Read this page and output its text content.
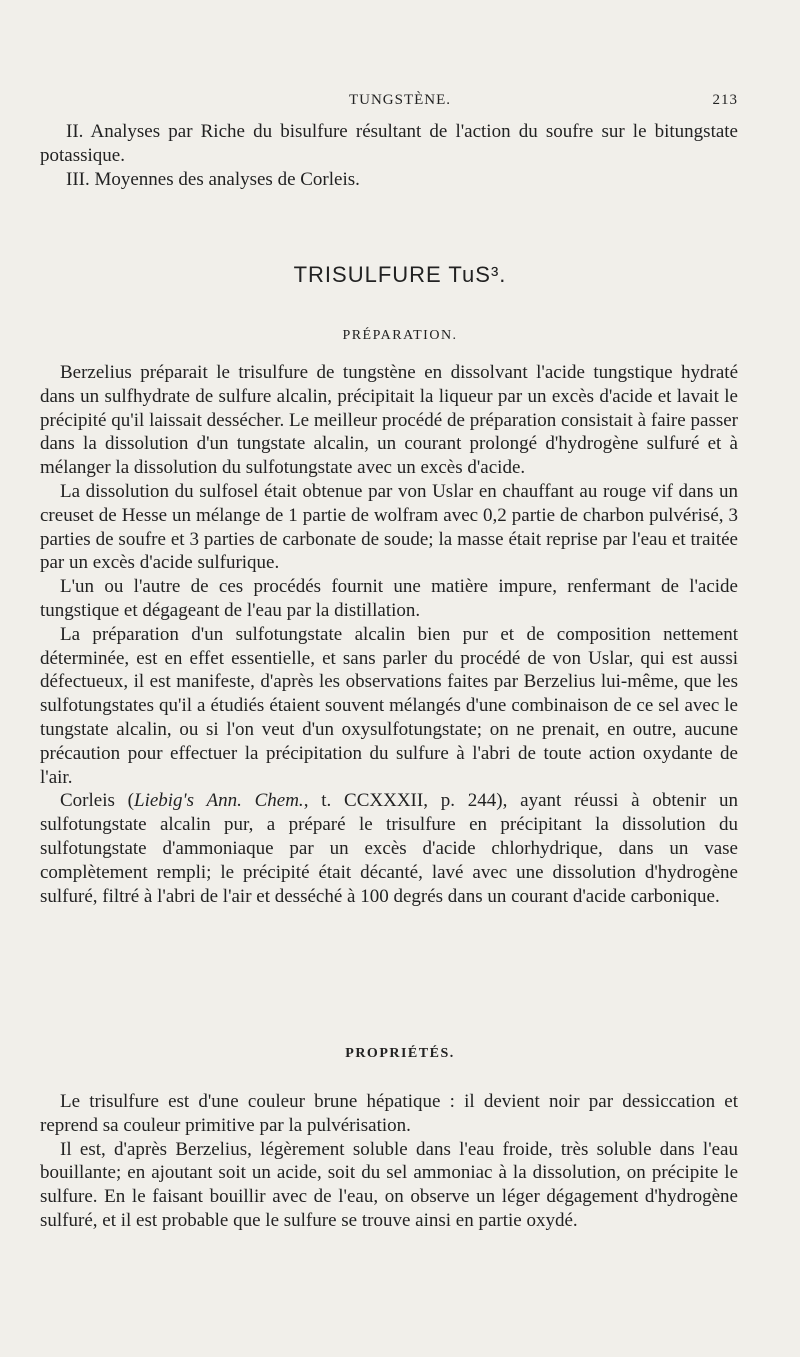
TUNGSTÈNE.	213

II. Analyses par Riche du bisulfure résultant de l'action du soufre sur le bitungstate potassique.

III. Moyennes des analyses de Corleis.

TRISULFURE TuS³.
PRÉPARATION.

Berzelius préparait le trisulfure de tungstène en dissolvant l'acide tungstique hydraté dans un sulfhydrate de sulfure alcalin, précipitait la liqueur par un excès d'acide et lavait le précipité qu'il laissait dessécher. Le meilleur procédé de préparation consistait à faire passer dans la dissolution d'un tungstate alcalin, un courant prolongé d'hydrogène sulfuré et à mélanger la dissolution du sulfotungstate avec un excès d'acide.

La dissolution du sulfosel était obtenue par von Uslar en chauffant au rouge vif dans un creuset de Hesse un mélange de 1 partie de wolfram avec 0,2 partie de charbon pulvérisé, 3 parties de soufre et 3 parties de carbonate de soude; la masse était reprise par l'eau et traitée par un excès d'acide sulfurique.

L'un ou l'autre de ces procédés fournit une matière impure, renfermant de l'acide tungstique et dégageant de l'eau par la distillation.

La préparation d'un sulfotungstate alcalin bien pur et de composition nettement déterminée, est en effet essentielle, et sans parler du procédé de von Uslar, qui est aussi défectueux, il est manifeste, d'après les observations faites par Berzelius lui-même, que les sulfotungstates qu'il a étudiés étaient souvent mélangés d'une combinaison de ce sel avec le tungstate alcalin, ou si l'on veut d'un oxysulfotungstate; on ne prenait, en outre, aucune précaution pour effectuer la précipitation du sulfure à l'abri de toute action oxydante de l'air.

Corleis (Liebig's Ann. Chem., t. CCXXXII, p. 244), ayant réussi à obtenir un sulfotungstate alcalin pur, a préparé le trisulfure en précipitant la dissolution du sulfotungstate d'ammoniaque par un excès d'acide chlorhydrique, dans un vase complètement rempli; le précipité était décanté, lavé avec une dissolution d'hydrogène sulfuré, filtré à l'abri de l'air et desséché à 100 degrés dans un courant d'acide carbonique.

PROPRIÉTÉS.

Le trisulfure est d'une couleur brune hépatique : il devient noir par dessiccation et reprend sa couleur primitive par la pulvérisation.

Il est, d'après Berzelius, légèrement soluble dans l'eau froide, très soluble dans l'eau bouillante; en ajoutant soit un acide, soit du sel ammoniac à la dissolution, on précipite le sulfure. En le faisant bouillir avec de l'eau, on observe un léger dégagement d'hydrogène sulfuré, et il est probable que le sulfure se trouve ainsi en partie oxydé.
